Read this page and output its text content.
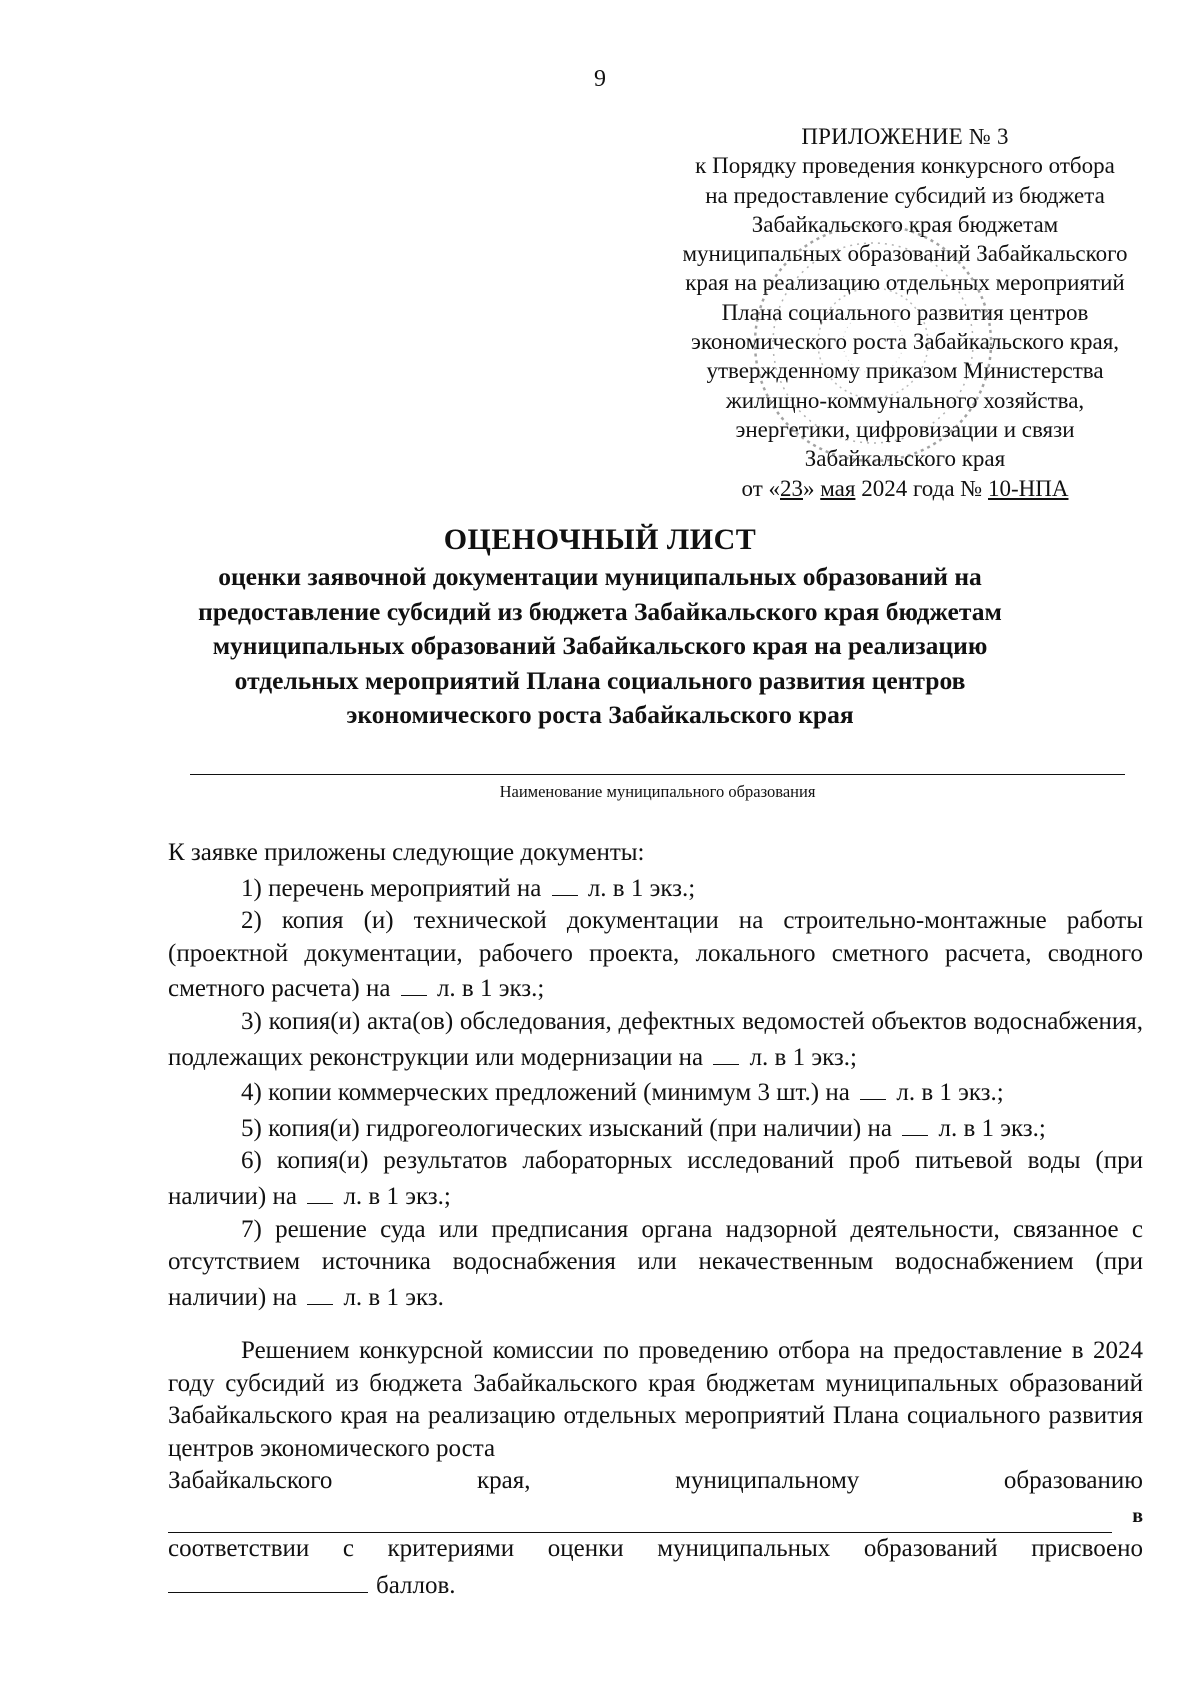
9
ПРИЛОЖЕНИЕ № 3
к Порядку проведения конкурсного отбора
на предоставление субсидий из бюджета
Забайкальского края бюджетам
муниципальных образований Забайкальского
края на реализацию отдельных мероприятий
Плана социального развития центров
экономического роста Забайкальского края,
утвержденному приказом Министерства
жилищно-коммунального хозяйства,
энергетики, цифровизации и связи
Забайкальского края
от «23» мая 2024 года № 10-НПА
ОЦЕНОЧНЫЙ ЛИСТ
оценки заявочной документации муниципальных образований на
предоставление субсидий из бюджета Забайкальского края бюджетам
муниципальных образований Забайкальского края на реализацию
отдельных мероприятий Плана социального развития центров
экономического роста Забайкальского края
Наименование муниципального образования

К заявке приложены следующие документы:

1) перечень мероприятий на л. в 1 экз.;

2) копия (и) технической документации на строительно-монтажные работы (проектной документации, рабочего проекта, локального сметного расчета, сводного сметного расчета) на л. в 1 экз.;

3) копия(и) акта(ов) обследования, дефектных ведомостей объектов водоснабжения, подлежащих реконструкции или модернизации на л. в 1 экз.;

4) копии коммерческих предложений (минимум 3 шт.) на л. в 1 экз.;

5) копия(и) гидрогеологических изысканий (при наличии) на л. в 1 экз.;

6) копия(и) результатов лабораторных исследований проб питьевой воды (при наличии) на л. в 1 экз.;

7) решение суда или предписания органа надзорной деятельности, связанное с отсутствием источника водоснабжения или некачественным водоснабжением (при наличии) на л. в 1 экз.

Решением конкурсной комиссии по проведению отбора на предоставление в 2024 году субсидий из бюджета Забайкальского края бюджетам муниципальных образований Забайкальского края на реализацию отдельных мероприятий Плана социального развития центров экономического роста

Забайкальского	края,	муниципальному	образованию
в

соответствии с критериями оценки муниципальных образований присвоено

баллов.
